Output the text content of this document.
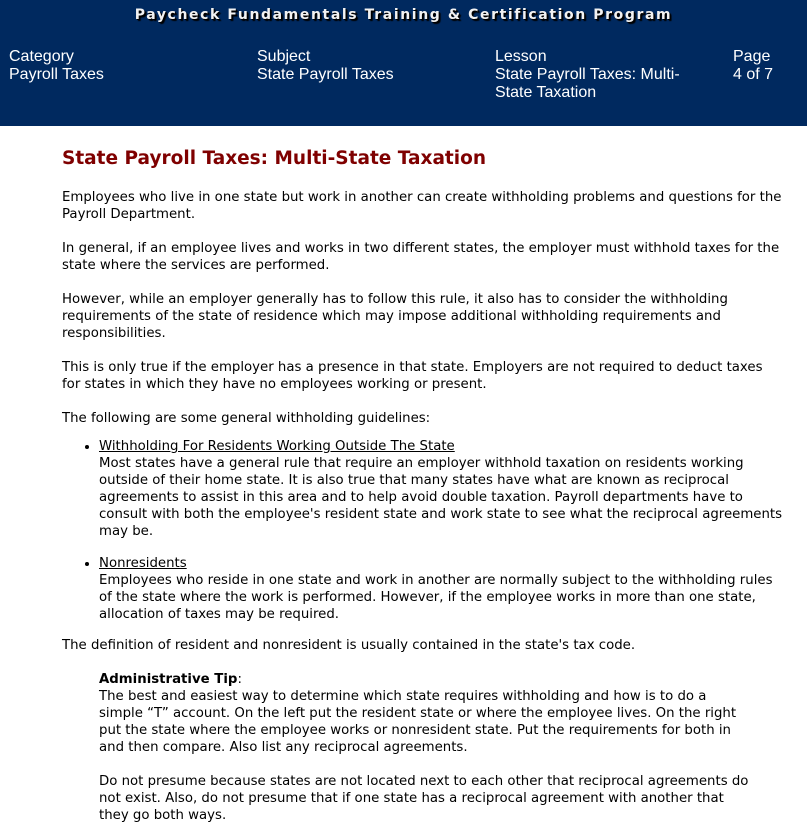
Paycheck Fundamentals Training & Certification Program
Category
Payroll Taxes
Subject
State Payroll Taxes
Lesson
State Payroll Taxes: Multi-
State Taxation
Page
4 of 7
State Payroll Taxes: Multi-State Taxation

Employees who live in one state but work in another can create withholding problems and questions for the Payroll Department.

In general, if an employee lives and works in two different states, the employer must withhold taxes for the state where the services are performed.

However, while an employer generally has to follow this rule, it also has to consider the withholding requirements of the state of residence which may impose additional withholding requirements and responsibilities.

This is only true if the employer has a presence in that state. Employers are not required to deduct taxes for states in which they have no employees working or present.

The following are some general withholding guidelines:

• Withholding For Residents Working Outside The State
Most states have a general rule that require an employer withhold taxation on residents working outside of their home state. It is also true that many states have what are known as reciprocal agreements to assist in this area and to help avoid double taxation. Payroll departments have to consult with both the employee's resident state and work state to see what the reciprocal agreements may be.
• Nonresidents
Employees who reside in one state and work in another are normally subject to the withholding rules of the state where the work is performed. However, if the employee works in more than one state, allocation of taxes may be required.

The definition of resident and nonresident is usually contained in the state's tax code.

Administrative Tip:
The best and easiest way to determine which state requires withholding and how is to do a simple “T” account. On the left put the resident state or where the employee lives. On the right put the state where the employee works or nonresident state. Put the requirements for both in and then compare. Also list any reciprocal agreements.

Do not presume because states are not located next to each other that reciprocal agreements do not exist. Also, do not presume that if one state has a reciprocal agreement with another that they go both ways.
